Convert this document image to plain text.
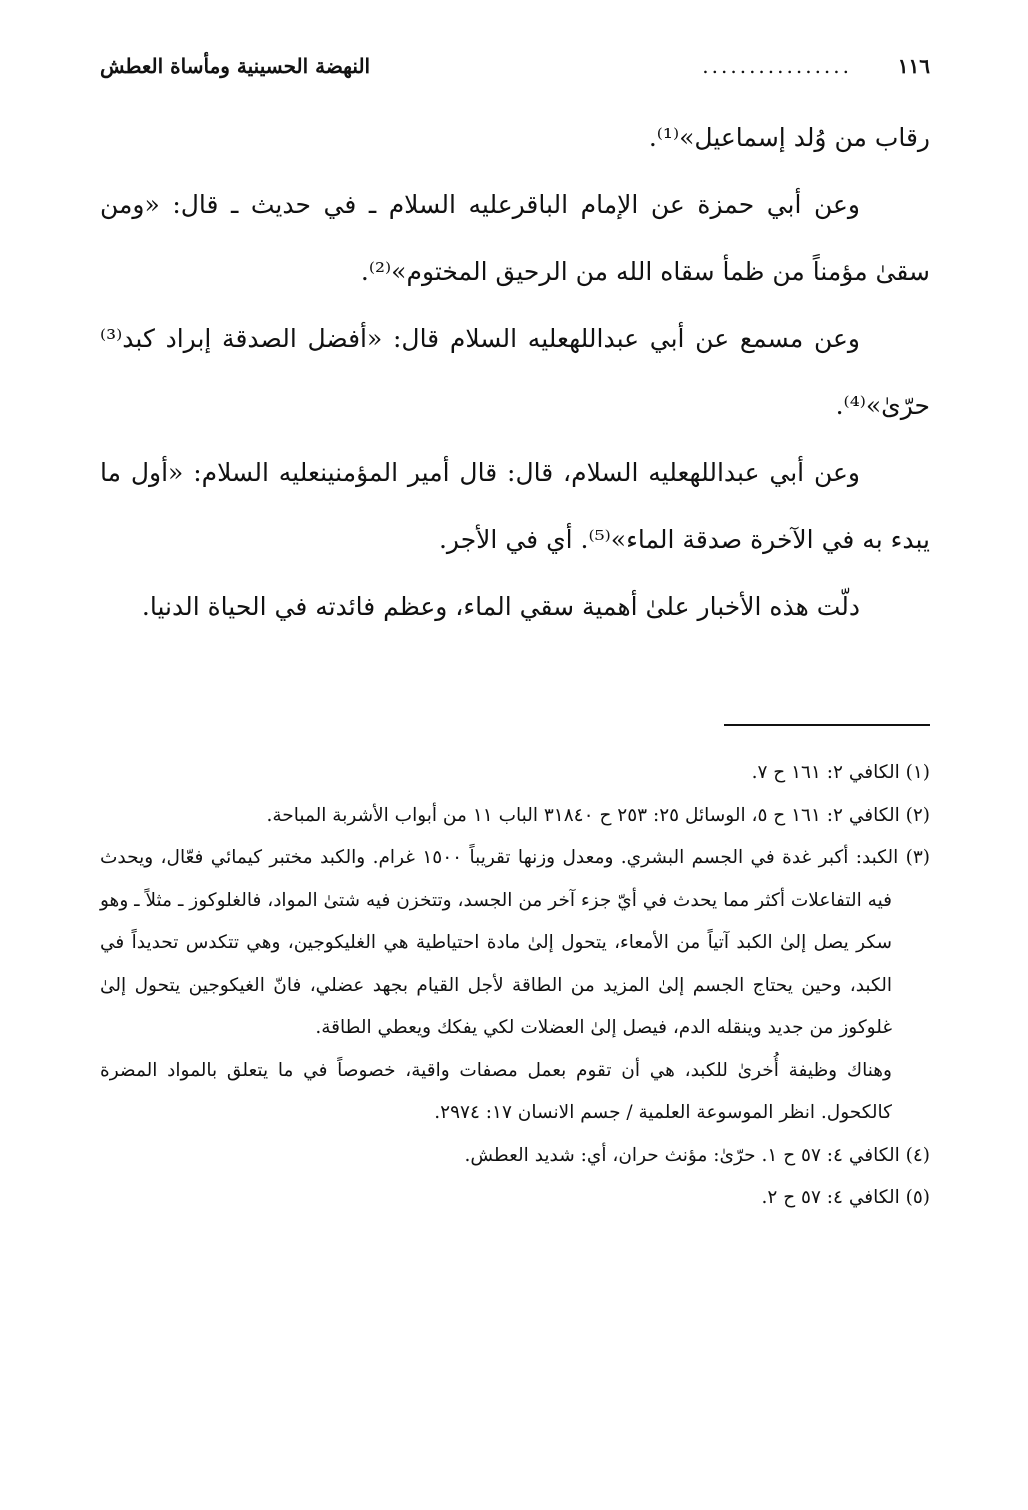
١١٦
................
النهضة الحسينية ومأساة العطش

رقاب من وُلد إسماعيل»⁽¹⁾.

وعن أبي حمزة عن الإمام الباقرعليه السلام ـ في حديث ـ قال: «ومن سقىٰ مؤمناً من ظمأ سقاه الله من الرحيق المختوم»⁽²⁾.

وعن مسمع عن أبي عبداللهعليه السلام قال: «أفضل الصدقة إبراد كبد⁽³⁾ حرّىٰ»⁽⁴⁾.

وعن أبي عبداللهعليه السلام، قال: قال أمير المؤمنينعليه السلام: «أول ما يبدء به في الآخرة صدقة الماء»⁽⁵⁾. أي في الأجر.

دلّت هذه الأخبار علىٰ أهمية سقي الماء، وعظم فائدته في الحياة الدنيا.

(١) الكافي ٢: ١٦١ ح ٧.

(٢) الكافي ٢: ١٦١ ح ٥، الوسائل ٢٥: ٢٥٣ ح ٣١٨٤٠ الباب ١١ من أبواب الأشربة المباحة.

(٣) الكبد: أكبر غدة في الجسم البشري. ومعدل وزنها تقريباً ١٥٠٠ غرام. والكبد مختبر كيمائي فعّال، ويحدث فيه التفاعلات أكثر مما يحدث في أيّ جزء آخر من الجسد، وتتخزن فيه شتىٰ المواد، فالغلوكوز ـ مثلاً ـ وهو سكر يصل إلىٰ الكبد آتياً من الأمعاء، يتحول إلىٰ مادة احتياطية هي الغليكوجين، وهي تتكدس تحديداً في الكبد، وحين يحتاج الجسم إلىٰ المزيد من الطاقة لأجل القيام بجهد عضلي، فانّ الغيكوجين يتحول إلىٰ غلوكوز من جديد وينقله الدم، فيصل إلىٰ العضلات لكي يفكك ويعطي الطاقة.

وهناك وظيفة أُخرىٰ للكبد، هي أن تقوم بعمل مصفات واقية، خصوصاً في ما يتعلق بالمواد المضرة كالكحول. انظر الموسوعة العلمية / جسم الانسان ١٧: ٢٩٧٤.

(٤) الكافي ٤: ٥٧ ح ١. حرّىٰ: مؤنث حران، أي: شديد العطش.

(٥) الكافي ٤: ٥٧ ح ٢.
